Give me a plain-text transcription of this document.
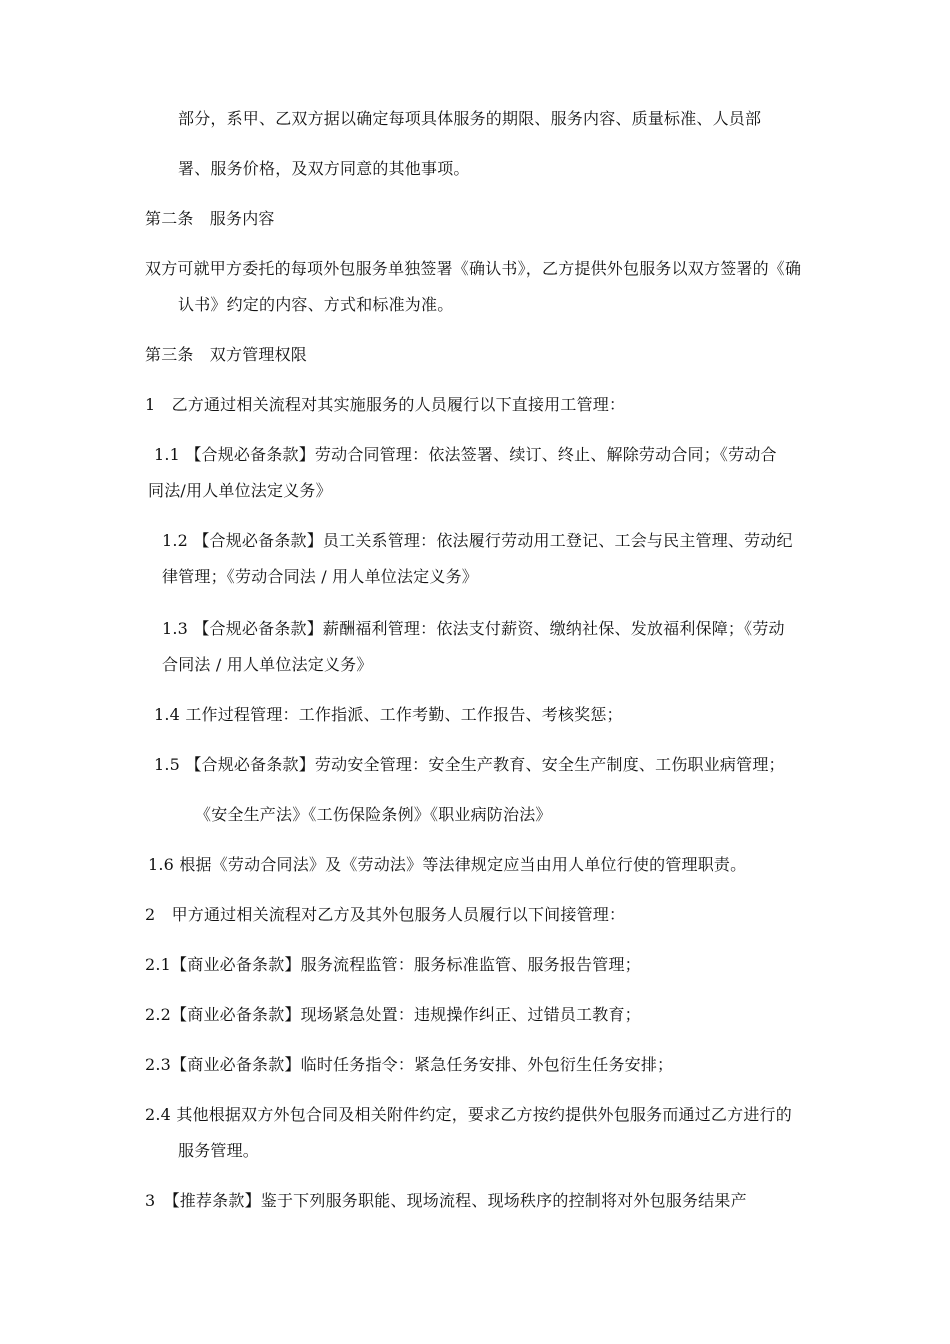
部分，系甲、乙双方据以确定每项具体服务的期限、服务内容、质量标准、人员部
署、服务价格，及双方同意的其他事项。
第二条　服务内容
双方可就甲方委托的每项外包服务单独签署《确认书》，乙方提供外包服务以双方签署的《确
认书》约定的内容、方式和标准为准。
第三条　双方管理权限
1　乙方通过相关流程对其实施服务的人员履行以下直接用工管理：
1.1 【合规必备条款】劳动合同管理：依法签署、续订、终止、解除劳动合同；《劳动合
同法/用人单位法定义务》
1.2 【合规必备条款】员工关系管理：依法履行劳动用工登记、工会与民主管理、劳动纪
律管理；《劳动合同法 / 用人单位法定义务》
1.3 【合规必备条款】薪酬福利管理：依法支付薪资、缴纳社保、发放福利保障；《劳动
合同法 / 用人单位法定义务》
1.4 工作过程管理：工作指派、工作考勤、工作报告、考核奖惩；
1.5 【合规必备条款】劳动安全管理：安全生产教育、安全生产制度、工伤职业病管理；
《安全生产法》《工伤保险条例》《职业病防治法》
1.6 根据《劳动合同法》及《劳动法》等法律规定应当由用人单位行使的管理职责。
2　甲方通过相关流程对乙方及其外包服务人员履行以下间接管理：
2.1【商业必备条款】服务流程监管：服务标准监管、服务报告管理；
2.2【商业必备条款】现场紧急处置：违规操作纠正、过错员工教育；
2.3【商业必备条款】临时任务指令：紧急任务安排、外包衍生任务安排；
2.4 其他根据双方外包合同及相关附件约定，要求乙方按约提供外包服务而通过乙方进行的
服务管理。
3　【推荐条款】鉴于下列服务职能、现场流程、现场秩序的控制将对外包服务结果产
